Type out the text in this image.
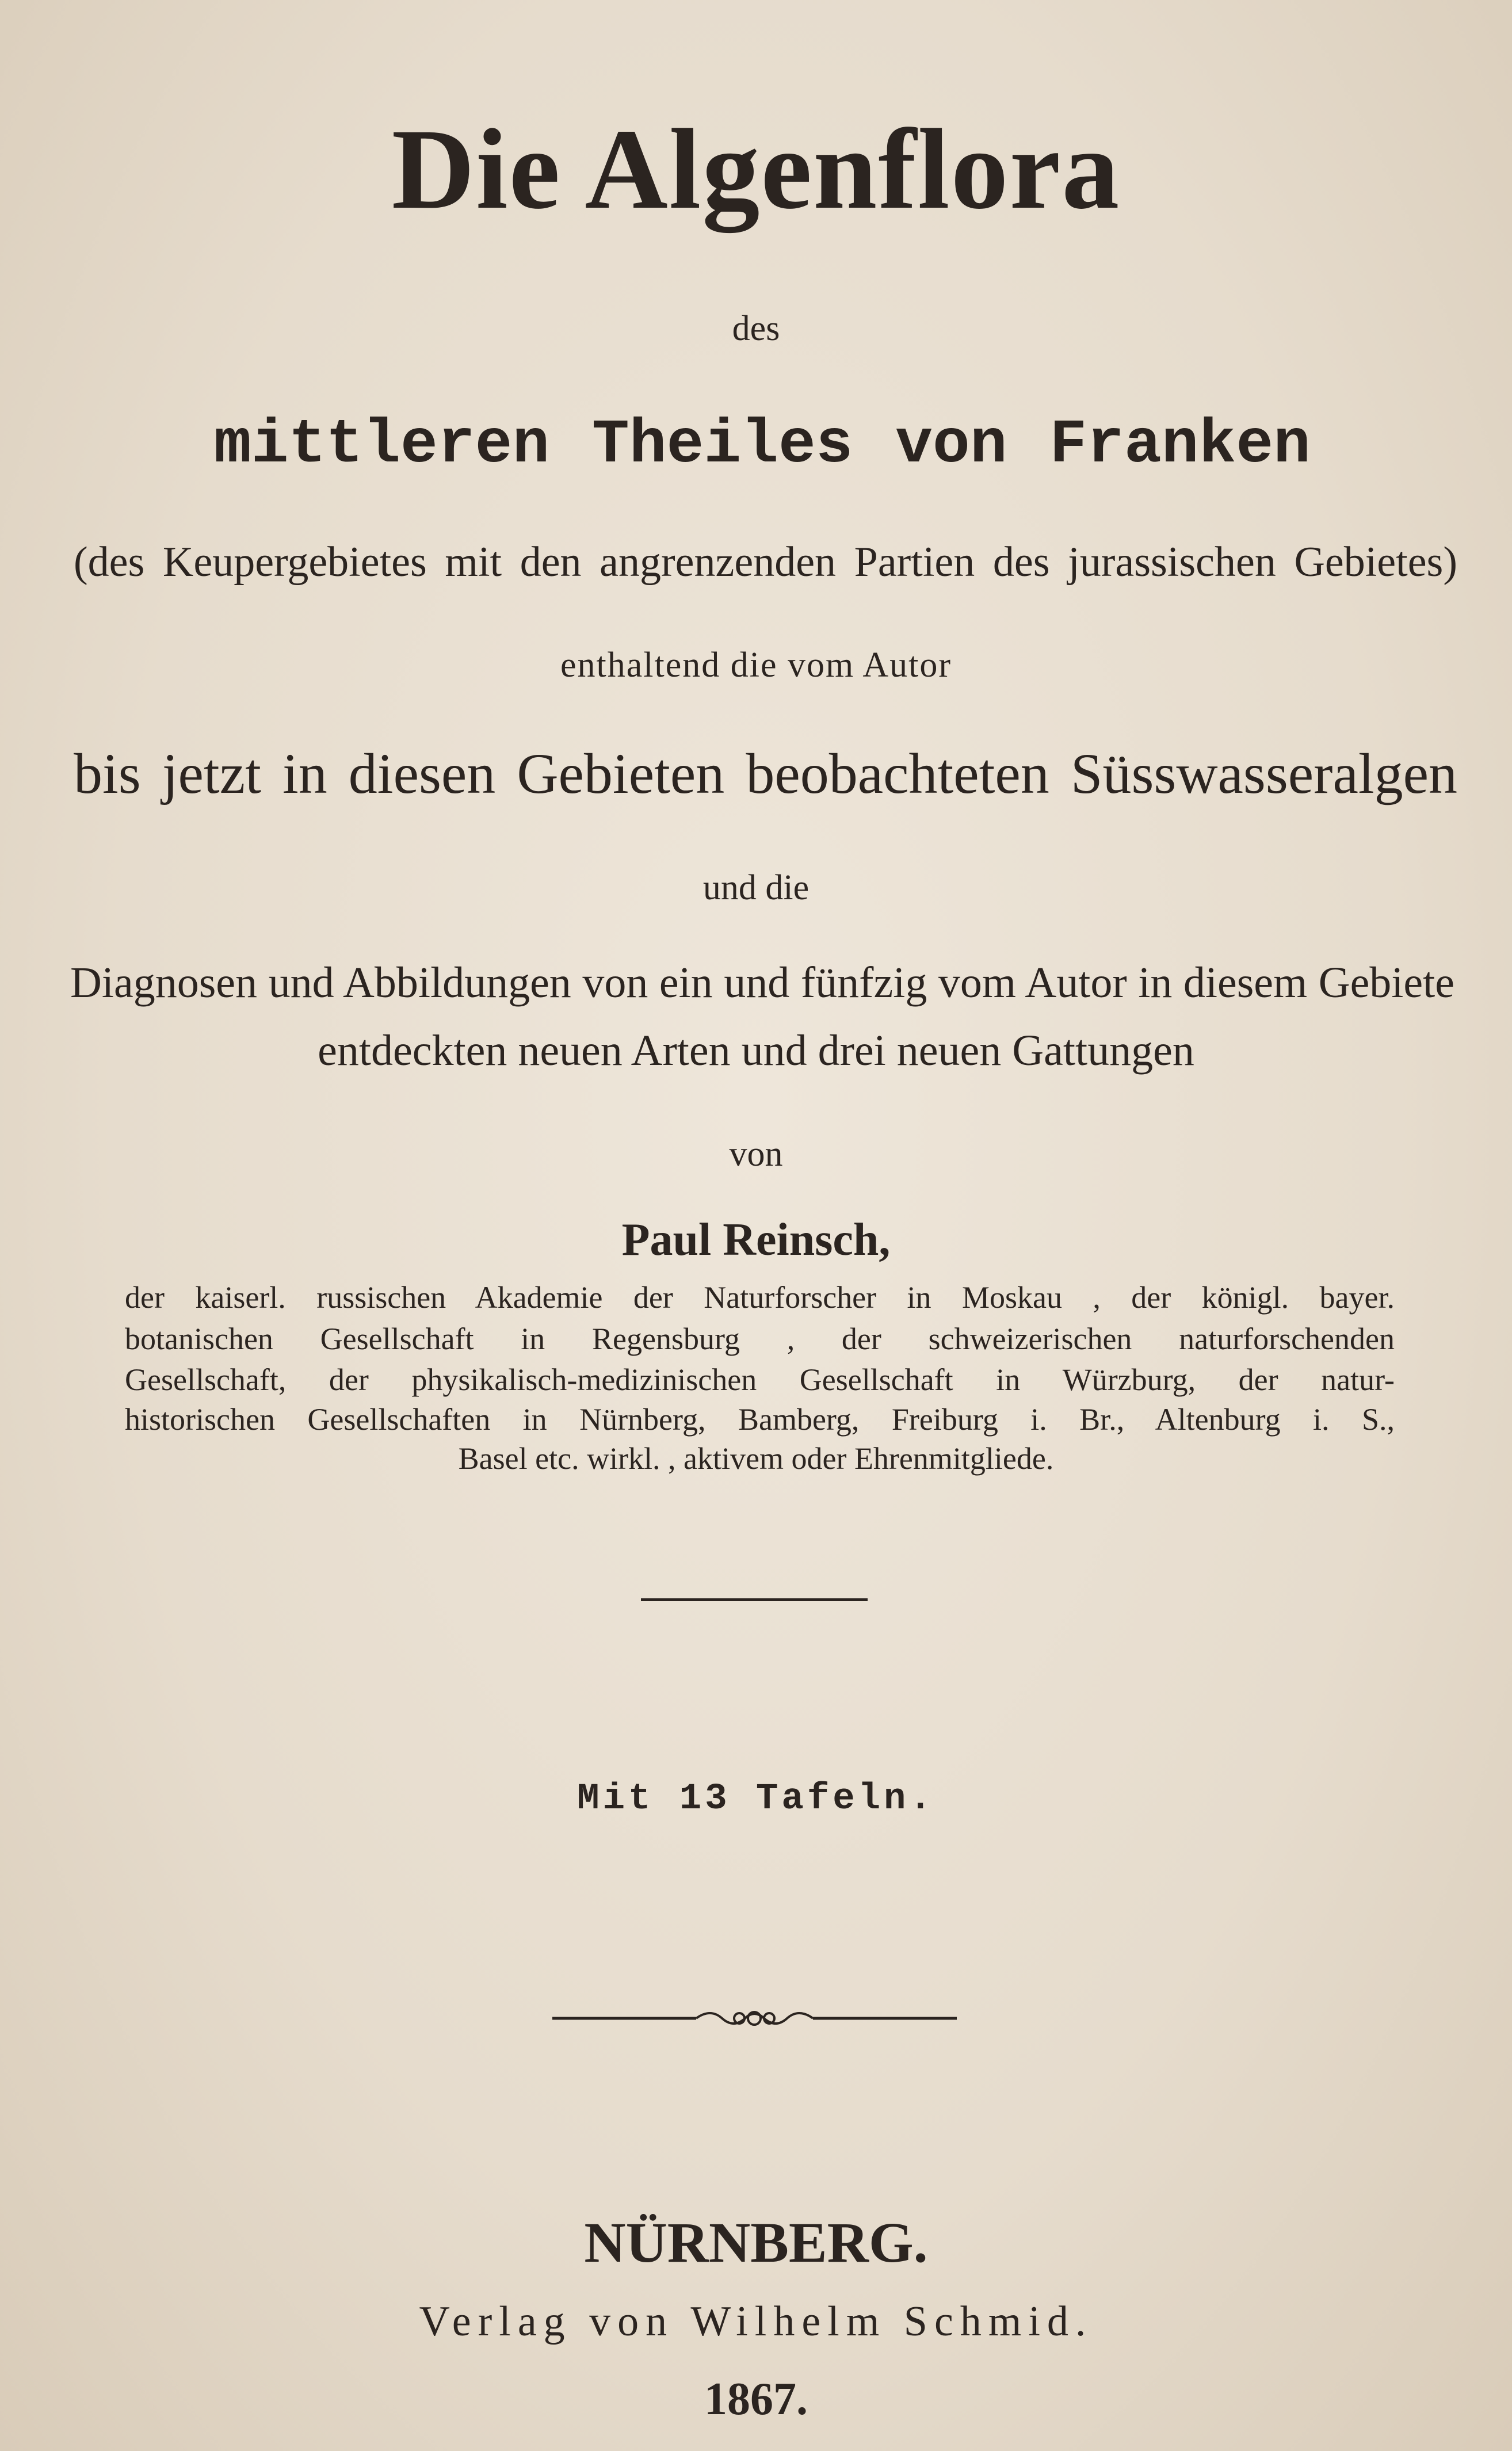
Die Algenflora
des
mittleren Theiles von Franken
(des Keupergebietes mit den angrenzenden Partien des jurassischen Gebietes)
enthaltend die vom Autor
bis jetzt in diesen Gebieten beobachteten Süsswasseralgen
und die
Diagnosen und Abbildungen von ein und fünfzig vom Autor in diesem Gebiete
entdeckten neuen Arten und drei neuen Gattungen
von
Paul Reinsch,
der kaiserl. russischen Akademie der Naturforscher in Moskau , der königl. bayer.
botanischen Gesellschaft in Regensburg , der schweizerischen naturforschenden
Gesellschaft, der physikalisch-medizinischen Gesellschaft in Würzburg, der natur-
historischen Gesellschaften in Nürnberg, Bamberg, Freiburg i. Br., Altenburg i. S.,
Basel etc. wirkl. , aktivem oder Ehrenmitgliede.
Mit 13 Tafeln.
NÜRNBERG.
Verlag von Wilhelm Schmid.
1867.
